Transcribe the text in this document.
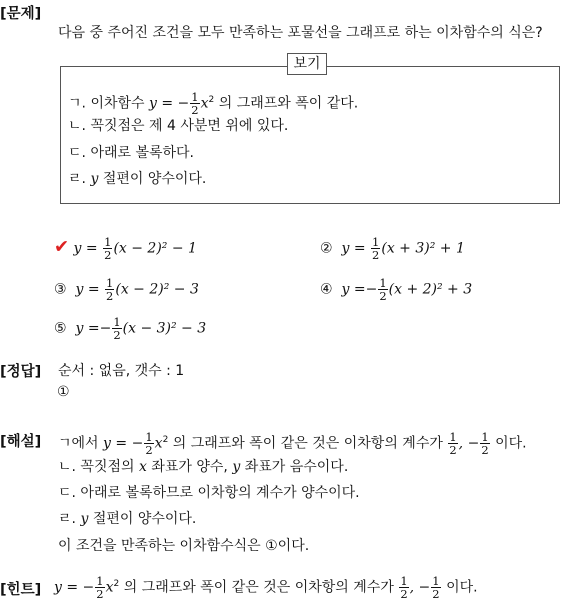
[문제]
다음 중 주어진 조건을 모두 만족하는 포물선을 그래프로 하는 이차함수의 식은?
보기
ㄱ. 이차함수 y = − $\frac{1}{2} x^2$ 의 그래프와 폭이 같다.
ㄴ. 꼭짓점은 제 4 사분면 위에 있다.
ㄷ. 아래로 볼록하다.
ㄹ. y 절편이 양수이다.
✔ $y = \frac{1}{2} (x - 2)^2 - 1$	② $y = \frac{1}{2} (x + 3)^2 + 1$
③ $y = \frac{1}{2} (x - 2)^2 - 3$	④ $y =- \frac{1}{2} (x + 2)^2 + 3$
⑤ $y =- \frac{1}{2} (x - 3)^2 - 3$
[정답] 순서 : 없음, 갯수 : 1
①
[해설] ㄱ에서 y = − $\frac{1}{2} x^2$ 의 그래프와 폭이 같은 것은 이차항의 계수가 $\frac{1}{2}$ , − $\frac{1}{2}$ 이다.
ㄴ. 꼭짓점의 x 좌표가 양수, y 좌표가 음수이다.
ㄷ. 아래로 볼록하므로 이차항의 계수가 양수이다.
ㄹ. y 절편이 양수이다.
이 조건을 만족하는 이차함수식은 ①이다.
[힌트] y = − $\frac{1}{2} x^2$ 의 그래프와 폭이 같은 것은 이차항의 계수가 $\frac{1}{2}$ , − $\frac{1}{2}$ 이다.
